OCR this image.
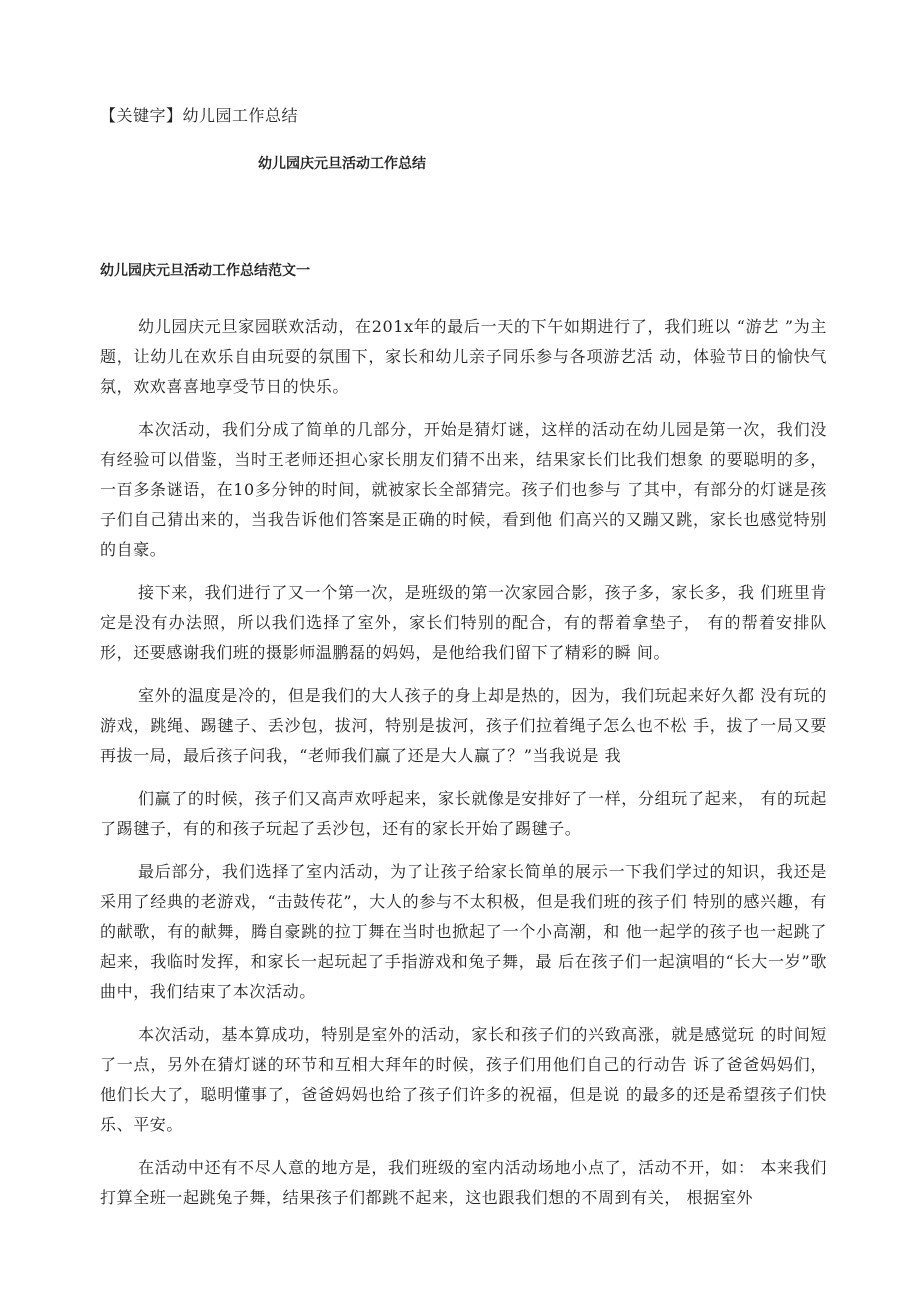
【关键字】幼儿园工作总结
幼儿园庆元旦活动工作总结
幼儿园庆元旦活动工作总结范文一

幼儿园庆元旦家园联欢活动，在201x年的最后一天的下午如期进行了，我们班以 “游艺 ”为主题，让幼儿在欢乐自由玩耍的氛围下，家长和幼儿亲子同乐参与各项游艺活 动，体验节日的愉快气氛，欢欢喜喜地享受节日的快乐。

本次活动，我们分成了简单的几部分，开始是猜灯谜，这样的活动在幼儿园是第一次，我们没有经验可以借鉴，当时王老师还担心家长朋友们猜不出来，结果家长们比我们想象 的要聪明的多，一百多条谜语，在10多分钟的时间，就被家长全部猜完。孩子们也参与 了其中，有部分的灯谜是孩子们自己猜出来的，当我告诉他们答案是正确的时候，看到他 们高兴的又蹦又跳，家长也感觉特别的自豪。

接下来，我们进行了又一个第一次，是班级的第一次家园合影，孩子多，家长多，我 们班里肯定是没有办法照，所以我们选择了室外，家长们特别的配合，有的帮着拿垫子， 有的帮着安排队形，还要感谢我们班的摄影师温鹏磊的妈妈，是他给我们留下了精彩的瞬 间。

室外的温度是冷的，但是我们的大人孩子的身上却是热的，因为，我们玩起来好久都 没有玩的游戏，跳绳、踢毽子、丢沙包，拔河，特别是拔河，孩子们拉着绳子怎么也不松 手，拔了一局又要再拔一局，最后孩子问我，“老师我们赢了还是大人赢了？”当我说是 我

们赢了的时候，孩子们又高声欢呼起来，家长就像是安排好了一样，分组玩了起来， 有的玩起了踢毽子，有的和孩子玩起了丢沙包，还有的家长开始了踢毽子。

最后部分，我们选择了室内活动，为了让孩子给家长简单的展示一下我们学过的知识，我还是采用了经典的老游戏，“击鼓传花”，大人的参与不太积极，但是我们班的孩子们 特别的感兴趣，有的献歌，有的献舞，腾自豪跳的拉丁舞在当时也掀起了一个小高潮，和 他一起学的孩子也一起跳了起来，我临时发挥，和家长一起玩起了手指游戏和兔子舞，最 后在孩子们一起演唱的“长大一岁”歌曲中，我们结束了本次活动。

本次活动，基本算成功，特别是室外的活动，家长和孩子们的兴致高涨，就是感觉玩 的时间短了一点，另外在猜灯谜的环节和互相大拜年的时候，孩子们用他们自己的行动告 诉了爸爸妈妈们，他们长大了，聪明懂事了，爸爸妈妈也给了孩子们许多的祝福，但是说 的最多的还是希望孩子们快乐、平安。

在活动中还有不尽人意的地方是，我们班级的室内活动场地小点了，活动不开，如： 本来我们打算全班一起跳兔子舞，结果孩子们都跳不起来，这也跟我们想的不周到有关， 根据室外
